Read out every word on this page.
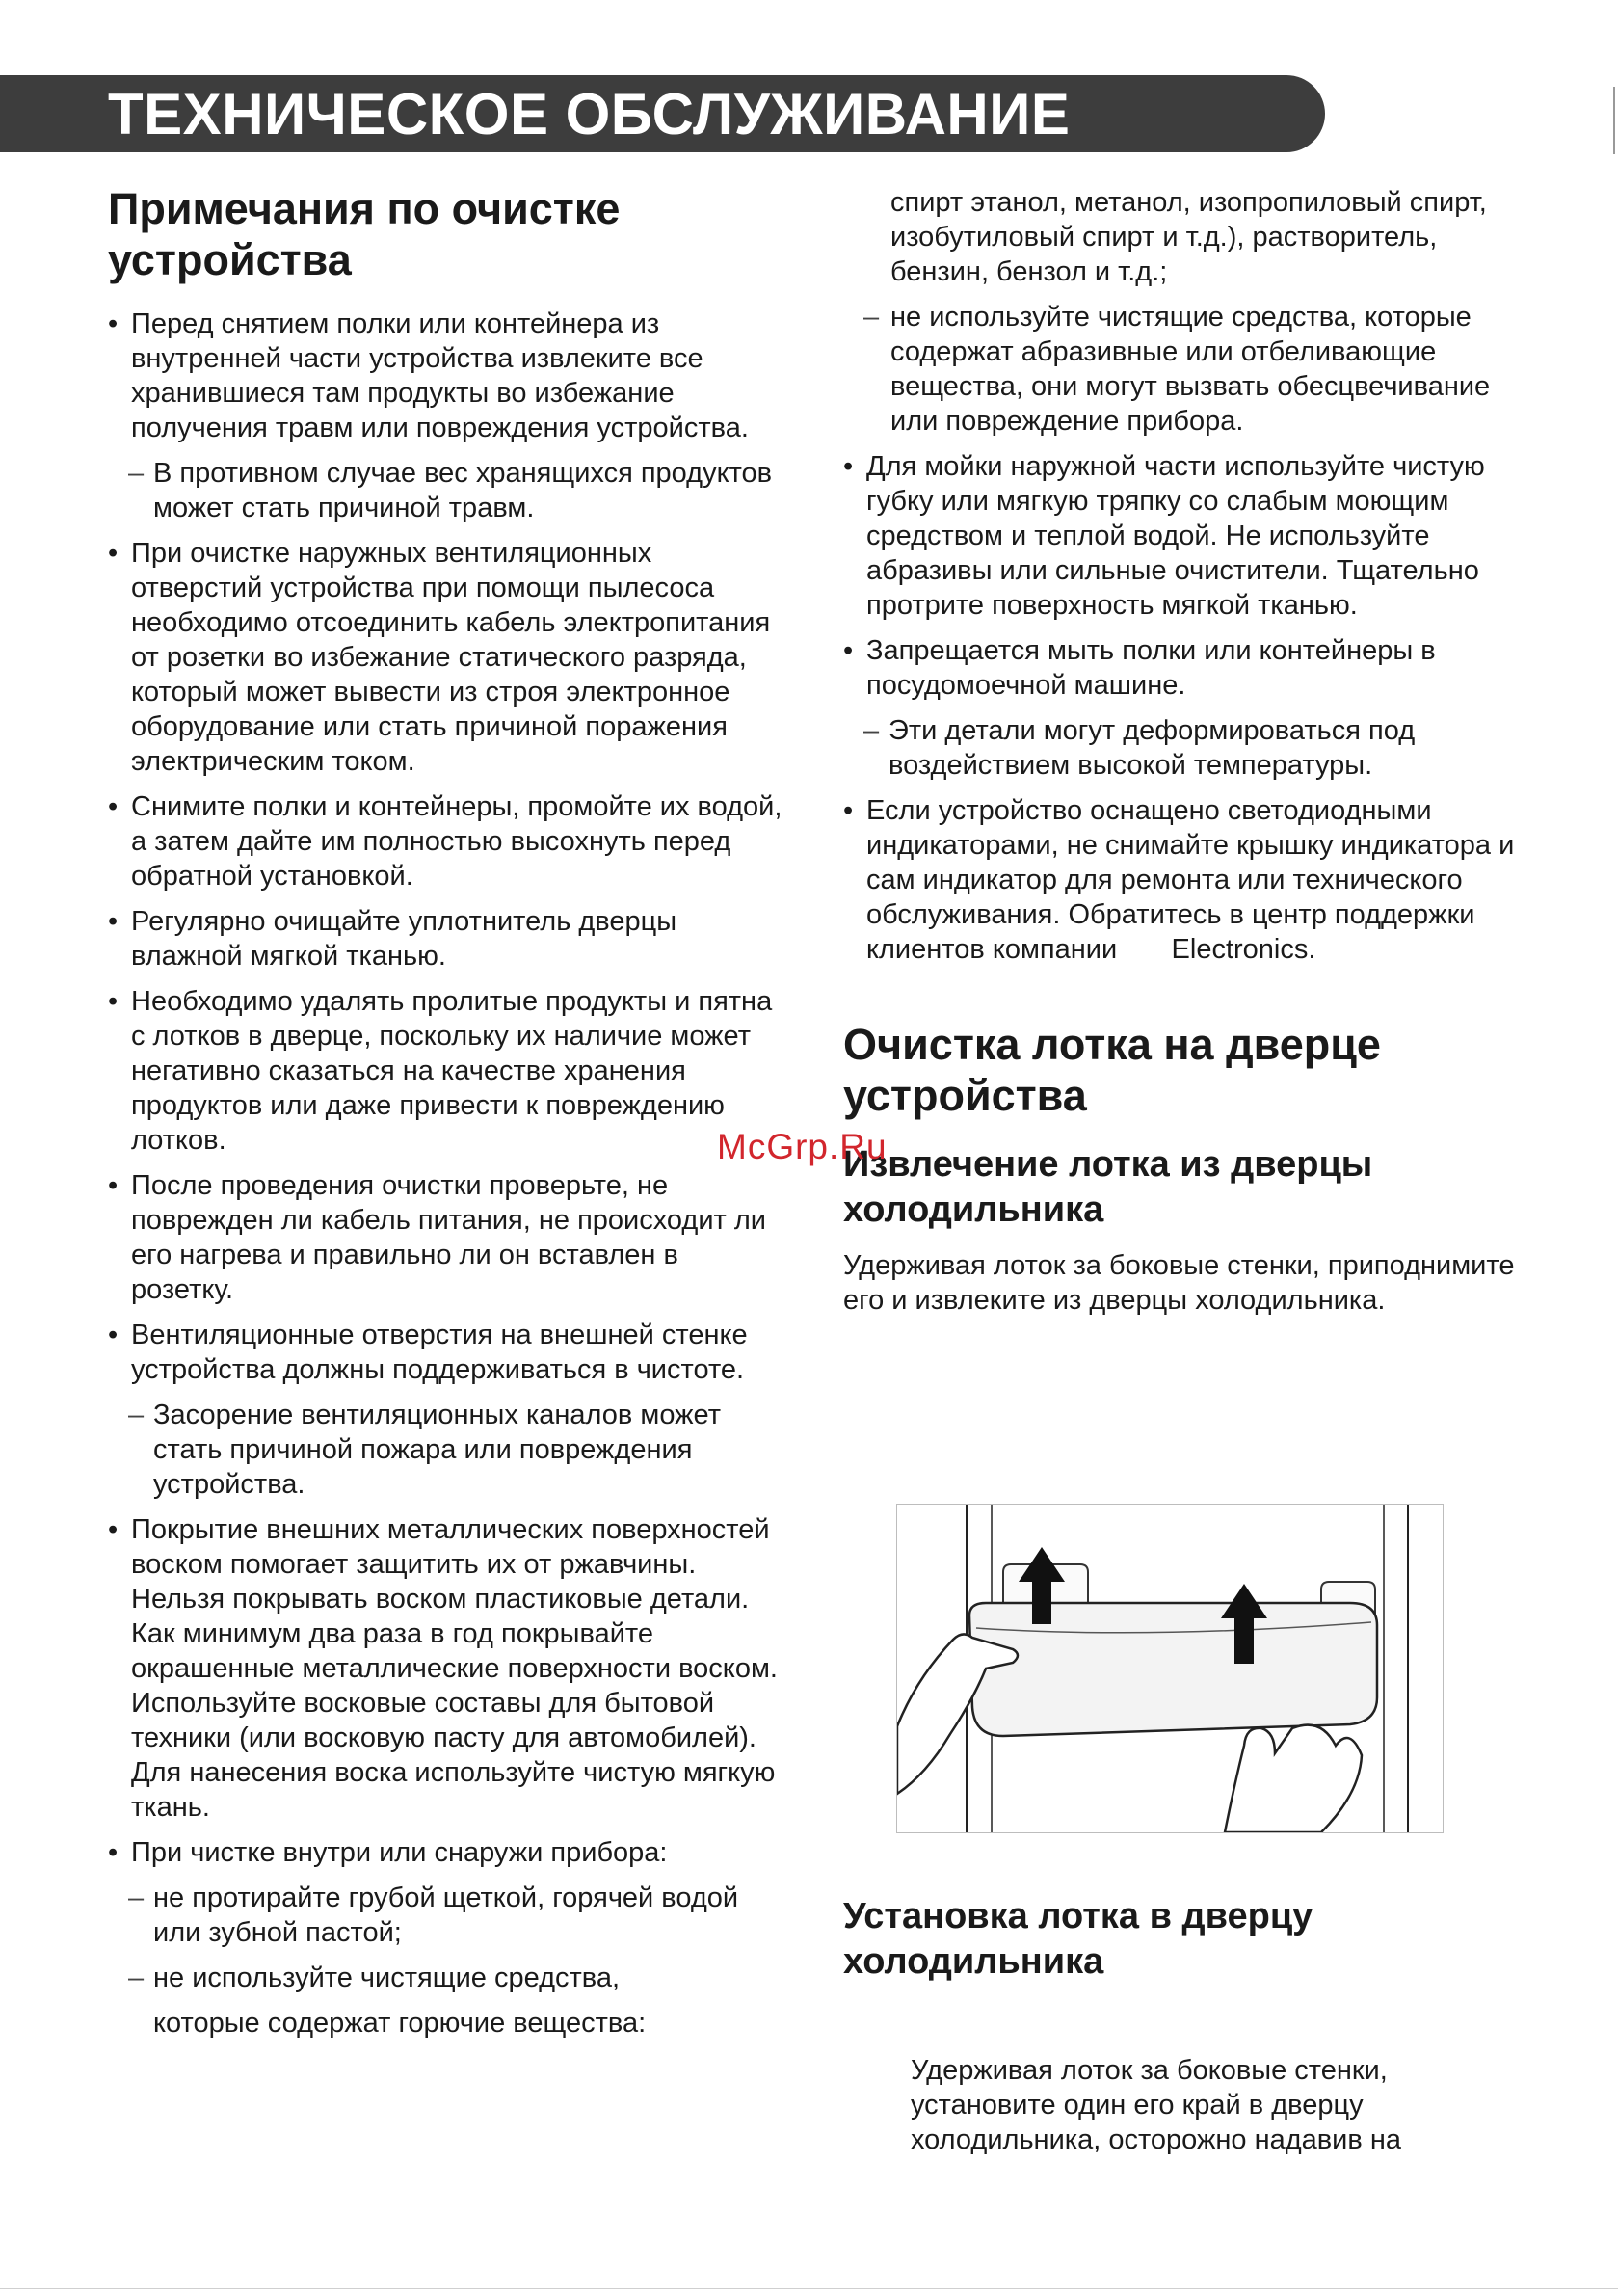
ТЕХНИЧЕСКОЕ ОБСЛУЖИВАНИЕ
Примечания по очистке устройства

• Перед снятием полки или контейнера из внутренней части устройства извлеките все хранившиеся там продукты во избежание получения травм или повреждения устройства.

– В противном случае вес хранящихся продуктов может стать причиной травм.

• При очистке наружных вентиляционных отверстий устройства при помощи пылесоса необходимо отсоединить кабель электропитания от розетки во избежание статического разряда, который может вывести из строя электронное оборудование или стать причиной поражения электрическим током.

• Снимите полки и контейнеры, промойте их водой, а затем дайте им полностью высохнуть перед обратной установкой.

• Регулярно очищайте уплотнитель дверцы влажной мягкой тканью.

• Необходимо удалять пролитые продукты и пятна с лотков в дверце, поскольку их наличие может негативно сказаться на качестве хранения продуктов или даже привести к повреждению лотков.

• После проведения очистки проверьте, не поврежден ли кабель питания, не происходит ли его нагрева и правильно ли он вставлен в розетку.

• Вентиляционные отверстия на внешней стенке устройства должны поддерживаться в чистоте.

– Засорение вентиляционных каналов может стать причиной пожара или повреждения устройства.

• Покрытие внешних металлических поверхностей воском помогает защитить их от ржавчины. Нельзя покрывать воском пластиковые детали. Как минимум два раза в год покрывайте окрашенные металлические поверхности воском. Используйте восковые составы для бытовой техники (или восковую пасту для автомобилей). Для нанесения воска используйте чистую мягкую ткань.

• При чистке внутри или снаружи прибора:

– не протирайте грубой щеткой, горячей водой или зубной пастой;

– не используйте чистящие средства,

которые содержат горючие вещества:

спирт этанол, метанол, изопропиловый спирт, изобутиловый спирт и т.д.), растворитель, бензин, бензол и т.д.;

– не используйте чистящие средства, которые содержат абразивные или отбеливающие вещества, они могут вызвать обесцвечивание или повреждение прибора.

• Для мойки наружной части используйте чистую губку или мягкую тряпку со слабым моющим средством и теплой водой. Не используйте абразивы или сильные очистители. Тщательно протрите поверхность мягкой тканью.

• Запрещается мыть полки или контейнеры в посудомоечной машине.

– Эти детали могут деформироваться под воздействием высокой температуры.

• Если устройство оснащено светодиодными индикаторами, не снимайте крышку индикатора и сам индикатор для ремонта или технического обслуживания. Обратитесь в центр поддержки клиентов компании       Electronics.

Очистка лотка на дверце устройства
Извлечение лотка из дверцы холодильника

Удерживая лоток за боковые стенки, приподнимите его и извлеките из дверцы холодильника.

McGrp.Ru
Установка лотка в дверцу холодильника

Удерживая лоток за боковые стенки, установите один его край в дверцу холодильника, осторожно надавив на
